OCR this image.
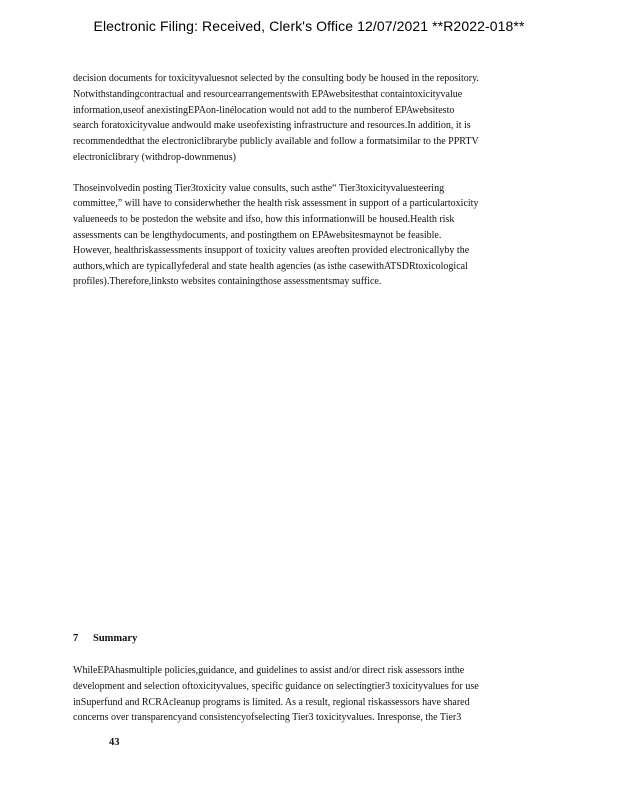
Electronic Filing: Received, Clerk's Office 12/07/2021 **R2022-018**

decision documents for toxicityvaluesnot selected by the consulting body be housed in the repository.

Notwithstandingcontractual and resourcearrangementswith EPAwebsitesthat containtoxicityvalue

information,useof anexistingEPAon-linélocation would not add to the numberof EPAwebsitesto

search foratoxicityvalue andwould make useofexisting infrastructure and resources.In addition, it is

recommendedthat the electroniclibrarybe publicly available and follow a formatsimilar to the PPRTV

electroniclibrary (withdrop-downmenus)

Thoseinvolvedin posting Tier3toxicity value consults, such asthe“ Tier3toxicityvaluesteering

committee,” will have to considerwhether the health risk assessment in support of a particulartoxicity

valueneeds to be postedon the website and ifso, how this informationwill be housed.Health risk

assessments can be lengthydocuments, and postingthem on EPAwebsitesmaynot be feasible.

However, healthriskassessments insupport of toxicity values areoften provided electronicallyby the

authors,which are typicallyfederal and state health agencies (as isthe casewithATSDRtoxicological

profiles).Therefore,linksto websites containingthose assessmentsmay suffice.

7 Summary

WhileEPAhasmultiple policies,guidance, and guidelines to assist and/or direct risk assessors inthe

development and selection oftoxicityvalues, specific guidance on selectingtier3 toxicityvalues for use

inSuperfund and RCRAcleanup programs is limited. As a result, regional riskassessors have shared

concerns over transparencyand consistencyofselecting Tier3 toxicityvalues. Inresponse, the Tier3

43
